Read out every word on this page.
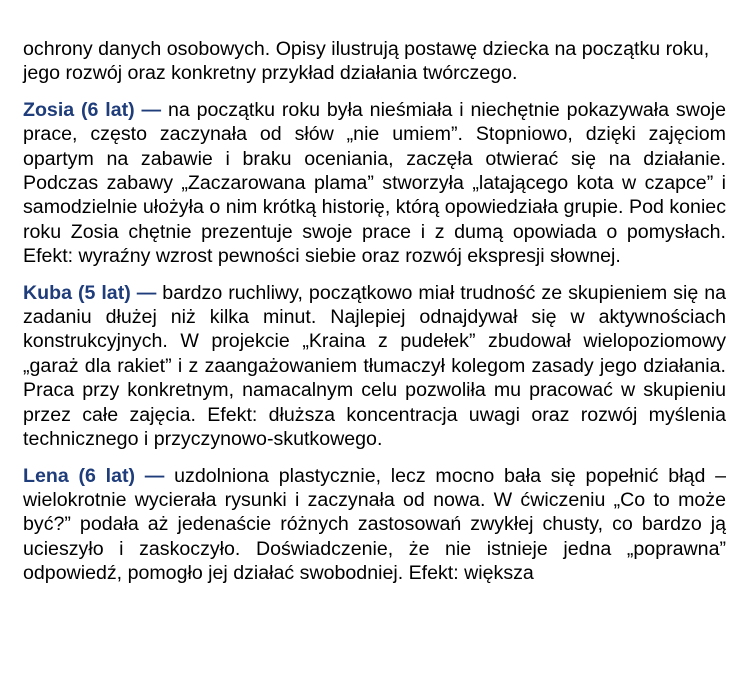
ochrony danych osobowych. Opisy ilustrują postawę dziecka na początku roku, jego rozwój oraz konkretny przykład działania twórczego.

Zosia (6 lat) — na początku roku była nieśmiała i niechętnie pokazywała swoje prace, często zaczynała od słów „nie umiem”. Stopniowo, dzięki zajęciom opartym na zabawie i braku oceniania, zaczęła otwierać się na działanie. Podczas zabawy „Zaczarowana plama” stworzyła „latającego kota w czapce” i samodzielnie ułożyła o nim krótką historię, którą opowiedziała grupie. Pod koniec roku Zosia chętnie prezentuje swoje prace i z dumą opowiada o pomysłach. Efekt: wyraźny wzrost pewności siebie oraz rozwój ekspresji słownej.

Kuba (5 lat) — bardzo ruchliwy, początkowo miał trudność ze skupieniem się na zadaniu dłużej niż kilka minut. Najlepiej odnajdywał się w aktywnościach konstrukcyjnych. W projekcie „Kraina z pudełek” zbudował wielopoziomowy „garaż dla rakiet” i z zaangażowaniem tłumaczył kolegom zasady jego działania. Praca przy konkretnym, namacalnym celu pozwoliła mu pracować w skupieniu przez całe zajęcia. Efekt: dłuższa koncentracja uwagi oraz rozwój myślenia technicznego i przyczynowo-skutkowego.

Lena (6 lat) — uzdolniona plastycznie, lecz mocno bała się popełnić błąd – wielokrotnie wycierała rysunki i zaczynała od nowa. W ćwiczeniu „Co to może być?” podała aż jedenaście różnych zastosowań zwykłej chusty, co bardzo ją ucieszyło i zaskoczyło. Doświadczenie, że nie istnieje jedna „poprawna” odpowiedź, pomogło jej działać swobodniej. Efekt: większa
